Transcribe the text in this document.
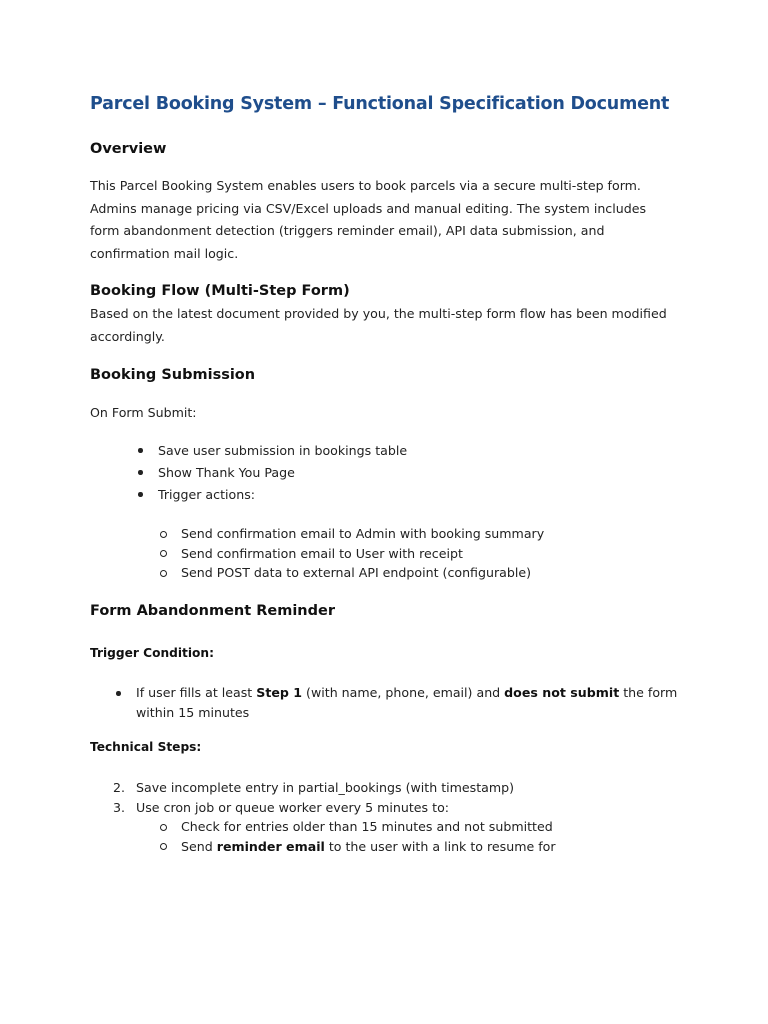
Parcel Booking System – Functional Specification Document
Overview

This Parcel Booking System enables users to book parcels via a secure multi-step form.
Admins manage pricing via CSV/Excel uploads and manual editing. The system includes
form abandonment detection (triggers reminder email), API data submission, and
confirmation mail logic.

Booking Flow (Multi-Step Form)

Based on the latest document provided by you, the multi-step form flow has been modified
accordingly.

Booking Submission

On Form Submit:

Save user submission in bookings table
Show Thank You Page
Trigger actions:
Send confirmation email to Admin with booking summary
Send confirmation email to User with receipt
Send POST data to external API endpoint (configurable)
Form Abandonment Reminder

Trigger Condition:

If user fills at least Step 1 (with name, phone, email) and does not submit the form
within 15 minutes

Technical Steps:

2. Save incomplete entry in partial_bookings (with timestamp)
3. Use cron job or queue worker every 5 minutes to:
Check for entries older than 15 minutes and not submitted
Send reminder email to the user with a link to resume for
